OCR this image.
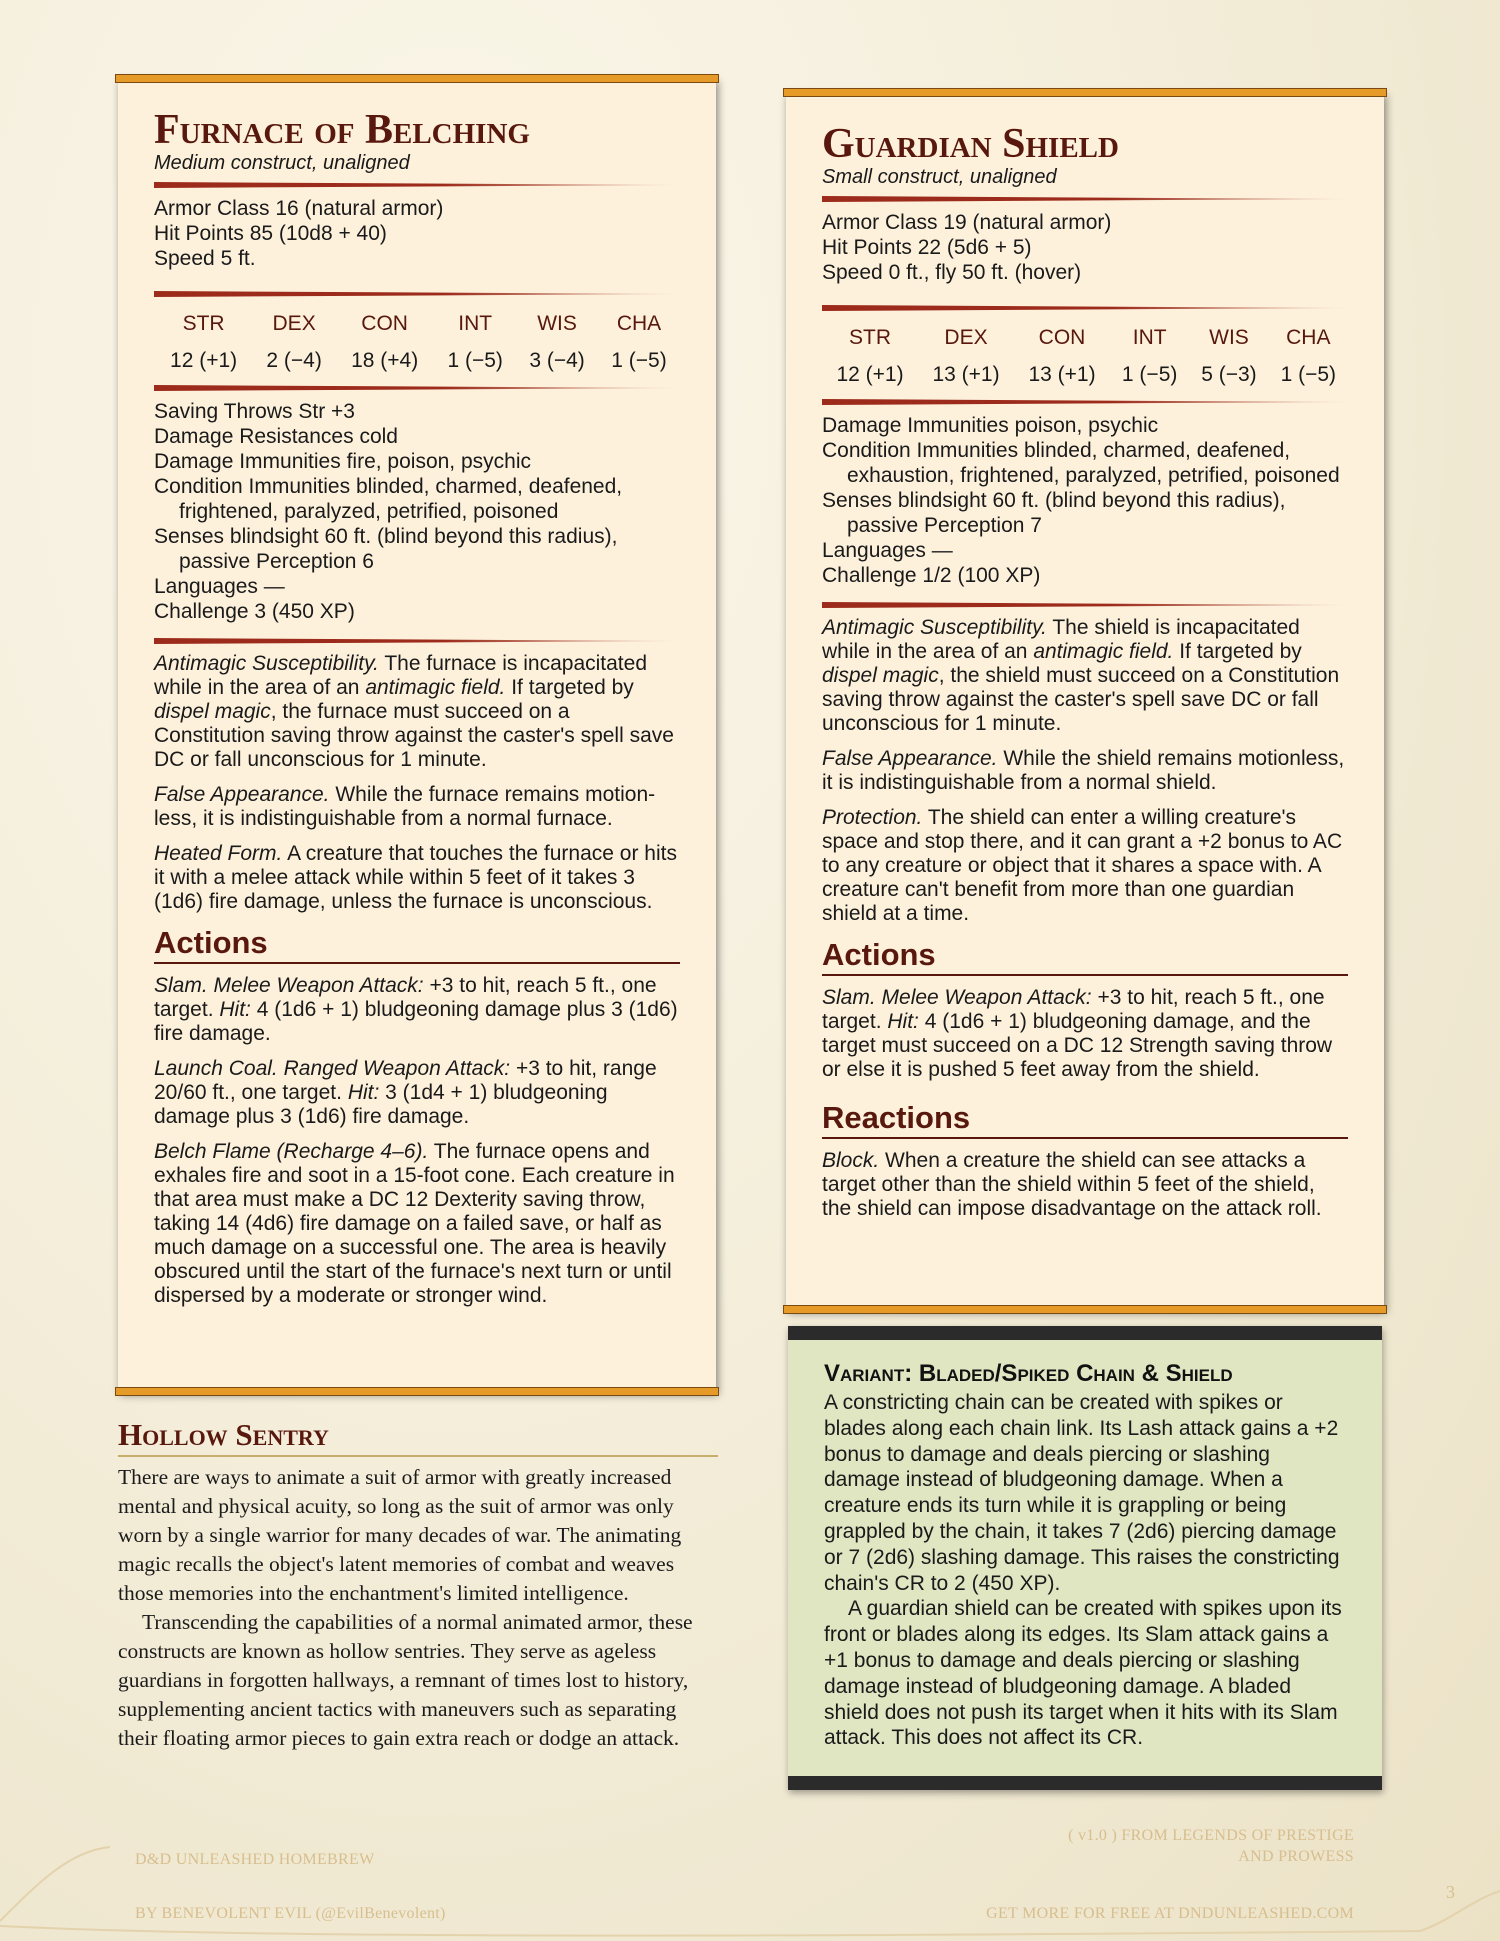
Furnace of Belching
Medium construct, unaligned

Armor Class 16 (natural armor)

Hit Points 85 (10d8 + 40)

Speed 5 ft.

STR	DEX	CON	INT	WIS	CHA
12 (+1)	2 (−4)	18 (+4)	1 (−5)	3 (−4)	1 (−5)

Saving Throws Str +3

Damage Resistances cold

Damage Immunities fire, poison, psychic

Condition Immunities blinded, charmed, deafened, frightened, paralyzed, petrified, poisoned

Senses blindsight 60 ft. (blind beyond this radius), passive Perception 6

Languages —

Challenge 3 (450 XP)

Antimagic Susceptibility. The furnace is incapacitated while in the area of an antimagic field. If targeted by dispel magic, the furnace must succeed on a Constitution saving throw against the caster's spell save DC or fall unconscious for 1 minute.

False Appearance. While the furnace remains motion-less, it is indistinguishable from a normal furnace.

Heated Form. A creature that touches the furnace or hits it with a melee attack while within 5 feet of it takes 3 (1d6) fire damage, unless the furnace is unconscious.

Actions

Slam. Melee Weapon Attack: +3 to hit, reach 5 ft., one target. Hit: 4 (1d6 + 1) bludgeoning damage plus 3 (1d6) fire damage.

Launch Coal. Ranged Weapon Attack: +3 to hit, range 20/60 ft., one target. Hit: 3 (1d4 + 1) bludgeoning damage plus 3 (1d6) fire damage.

Belch Flame (Recharge 4–6). The furnace opens and exhales fire and soot in a 15-foot cone. Each creature in that area must make a DC 12 Dexterity saving throw, taking 14 (4d6) fire damage on a failed save, or half as much damage on a successful one. The area is heavily obscured until the start of the furnace's next turn or until dispersed by a moderate or stronger wind.

Guardian Shield
Small construct, unaligned

Armor Class 19 (natural armor)

Hit Points 22 (5d6 + 5)

Speed 0 ft., fly 50 ft. (hover)

STR	DEX	CON	INT	WIS	CHA
12 (+1)	13 (+1)	13 (+1)	1 (−5)	5 (−3)	1 (−5)

Damage Immunities poison, psychic

Condition Immunities blinded, charmed, deafened, exhaustion, frightened, paralyzed, petrified, poisoned

Senses blindsight 60 ft. (blind beyond this radius), passive Perception 7

Languages —

Challenge 1/2 (100 XP)

Antimagic Susceptibility. The shield is incapacitated while in the area of an antimagic field. If targeted by dispel magic, the shield must succeed on a Constitution saving throw against the caster's spell save DC or fall unconscious for 1 minute.

False Appearance. While the shield remains motionless, it is indistinguishable from a normal shield.

Protection. The shield can enter a willing creature's space and stop there, and it can grant a +2 bonus to AC to any creature or object that it shares a space with. A creature can't benefit from more than one guardian shield at a time.

Actions

Slam. Melee Weapon Attack: +3 to hit, reach 5 ft., one target. Hit: 4 (1d6 + 1) bludgeoning damage, and the target must succeed on a DC 12 Strength saving throw or else it is pushed 5 feet away from the shield.

Reactions

Block. When a creature the shield can see attacks a target other than the shield within 5 feet of the shield, the shield can impose disadvantage on the attack roll.

Hollow Sentry

There are ways to animate a suit of armor with greatly increased mental and physical acuity, so long as the suit of armor was only worn by a single warrior for many decades of war. The animating magic recalls the object's latent memories of combat and weaves those memories into the enchantment's limited intelligence.

Transcending the capabilities of a normal animated armor, these constructs are known as hollow sentries. They serve as ageless guardians in forgotten hallways, a remnant of times lost to history, supplementing ancient tactics with maneuvers such as separating their floating armor pieces to gain extra reach or dodge an attack.

Variant: Bladed/Spiked Chain & Shield

A constricting chain can be created with spikes or blades along each chain link. Its Lash attack gains a +2 bonus to damage and deals piercing or slashing damage instead of bludgeoning damage. When a creature ends its turn while it is grappling or being grappled by the chain, it takes 7 (2d6) piercing damage or 7 (2d6) slashing damage. This raises the constricting chain's CR to 2 (450 XP).

A guardian shield can be created with spikes upon its front or blades along its edges. Its Slam attack gains a +1 bonus to damage and deals piercing or slashing damage instead of bludgeoning damage. A bladed shield does not push its target when it hits with its Slam attack. This does not affect its CR.

D&D UNLEASHED HOMEBREW
BY BENEVOLENT EVIL (@EvilBenevolent)
( v1.0 ) FROM LEGENDS OF PRESTIGE
AND PROWESS
GET MORE FOR FREE AT DNDUNLEASHED.COM
3
